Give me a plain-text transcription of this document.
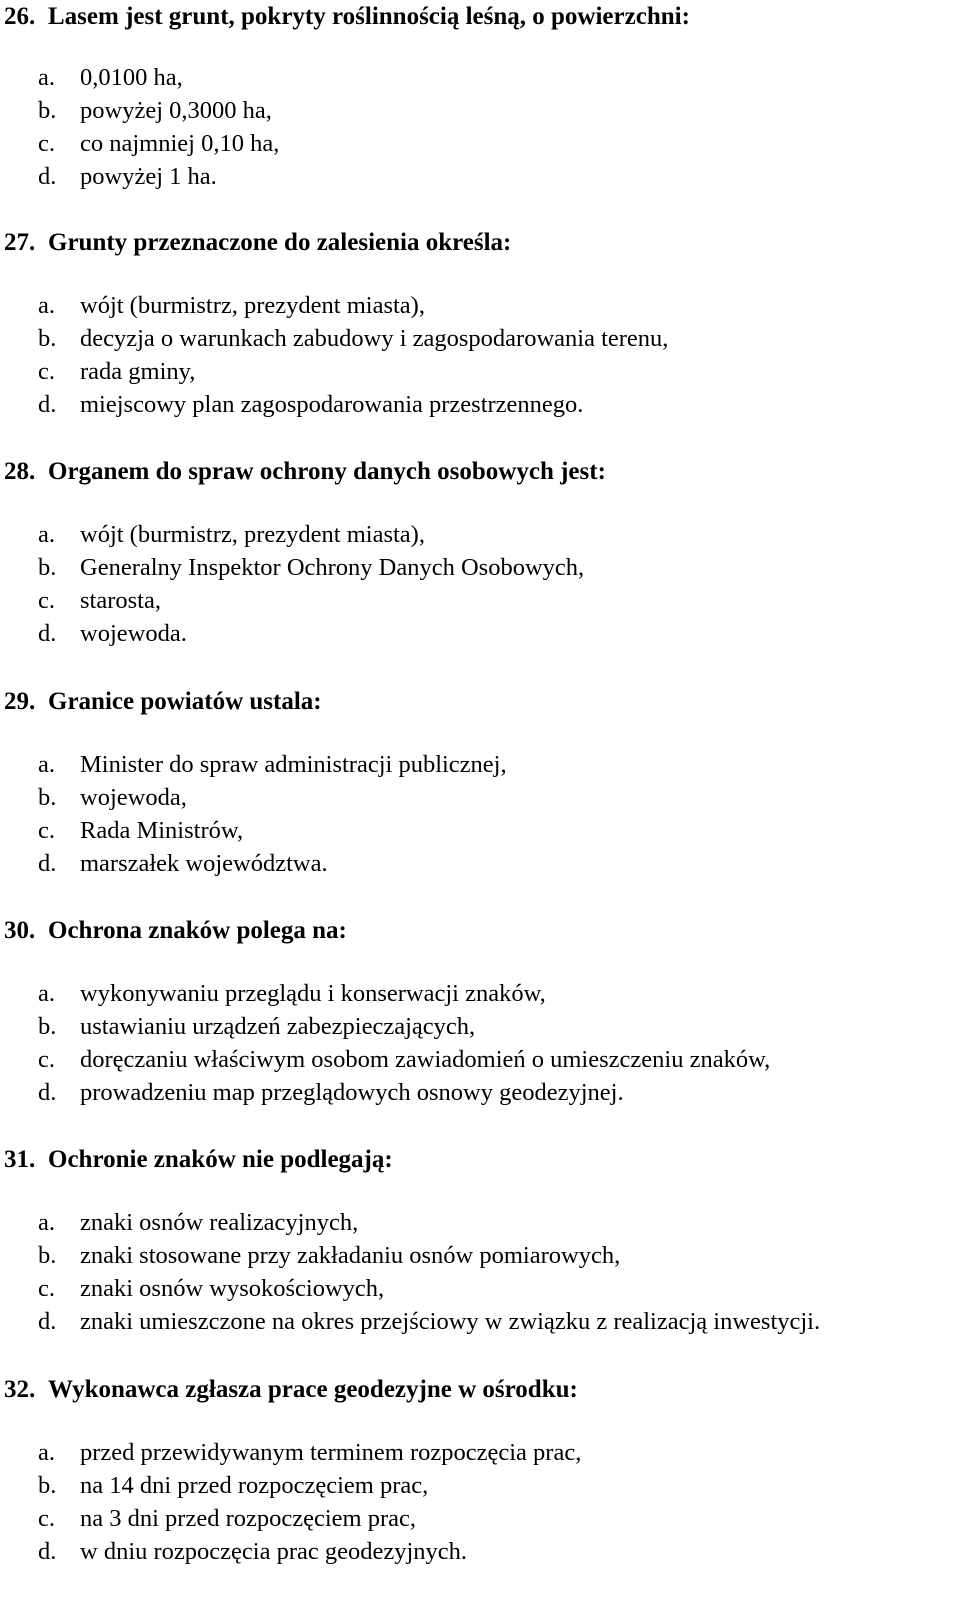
26. Lasem jest grunt, pokryty roślinnością leśną, o powierzchni:
a. 0,0100 ha,
b. powyżej 0,3000 ha,
c. co najmniej 0,10 ha,
d. powyżej 1 ha.
27. Grunty przeznaczone do zalesienia określa:
a. wójt (burmistrz, prezydent miasta),
b. decyzja o warunkach zabudowy i zagospodarowania terenu,
c. rada gminy,
d. miejscowy plan zagospodarowania przestrzennego.
28. Organem do spraw ochrony danych osobowych jest:
a. wójt (burmistrz, prezydent miasta),
b. Generalny Inspektor Ochrony Danych Osobowych,
c. starosta,
d. wojewoda.
29. Granice powiatów ustala:
a. Minister do spraw administracji publicznej,
b. wojewoda,
c. Rada Ministrów,
d. marszałek województwa.
30. Ochrona znaków polega na:
a. wykonywaniu przeglądu i konserwacji znaków,
b. ustawianiu urządzeń zabezpieczających,
c. doręczaniu właściwym osobom zawiadomień o umieszczeniu znaków,
d. prowadzeniu map przeglądowych osnowy geodezyjnej.
31. Ochronie znaków nie podlegają:
a. znaki osnów realizacyjnych,
b. znaki stosowane przy zakładaniu osnów pomiarowych,
c. znaki osnów wysokościowych,
d. znaki umieszczone na okres przejściowy w związku z realizacją inwestycji.
32. Wykonawca zgłasza prace geodezyjne w ośrodku:
a. przed przewidywanym terminem rozpoczęcia prac,
b. na 14 dni przed rozpoczęciem prac,
c. na 3 dni przed rozpoczęciem prac,
d. w dniu rozpoczęcia prac geodezyjnych.
